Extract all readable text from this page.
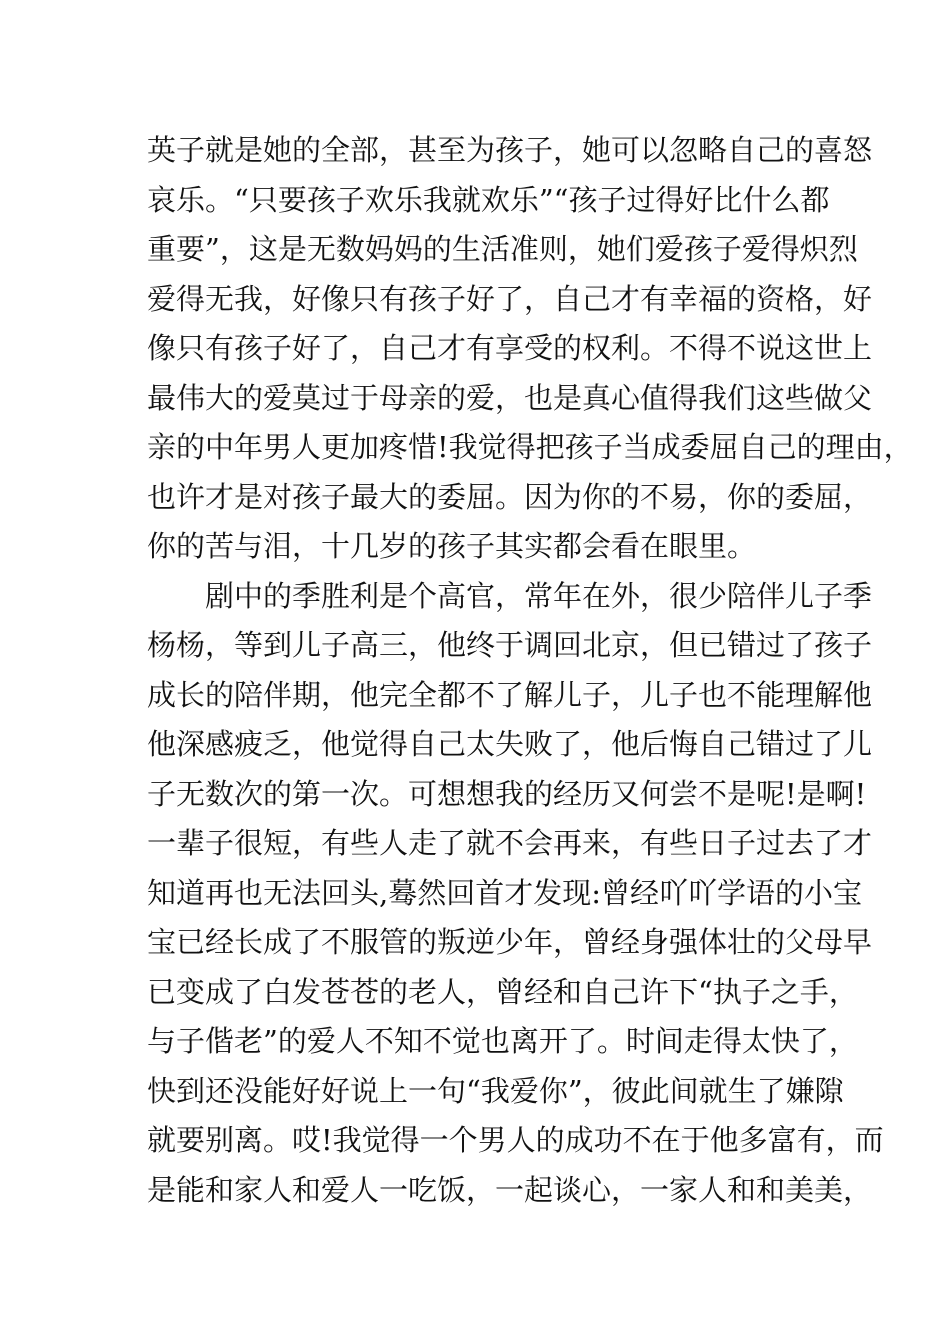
英子就是她的全部，甚至为孩子，她可以忽略自己的喜怒
哀乐。“只要孩子欢乐我就欢乐”“孩子过得好比什么都
重要”，这是无数妈妈的生活准则，她们爱孩子爱得炽烈
爱得无我，好像只有孩子好了，自己才有幸福的资格，好
像只有孩子好了，自己才有享受的权利。不得不说这世上
最伟大的爱莫过于母亲的爱，也是真心值得我们这些做父
亲的中年男人更加疼惜!我觉得把孩子当成委屈自己的理由，
也许才是对孩子最大的委屈。因为你的不易，你的委屈，
你的苦与泪，十几岁的孩子其实都会看在眼里。
剧中的季胜利是个高官，常年在外，很少陪伴儿子季
杨杨，等到儿子高三，他终于调回北京，但已错过了孩子
成长的陪伴期，他完全都不了解儿子，儿子也不能理解他
他深感疲乏，他觉得自己太失败了，他后悔自己错过了儿
子无数次的第一次。可想想我的经历又何尝不是呢!是啊!
一辈子很短，有些人走了就不会再来，有些日子过去了才
知道再也无法回头,蓦然回首才发现:曾经吖吖学语的小宝
宝已经长成了不服管的叛逆少年，曾经身强体壮的父母早
已变成了白发苍苍的老人，曾经和自己许下“执子之手，
与子偕老”的爱人不知不觉也离开了。时间走得太快了，
快到还没能好好说上一句“我爱你”，彼此间就生了嫌隙
就要别离。哎!我觉得一个男人的成功不在于他多富有，而
是能和家人和爱人一吃饭，一起谈心，一家人和和美美，
